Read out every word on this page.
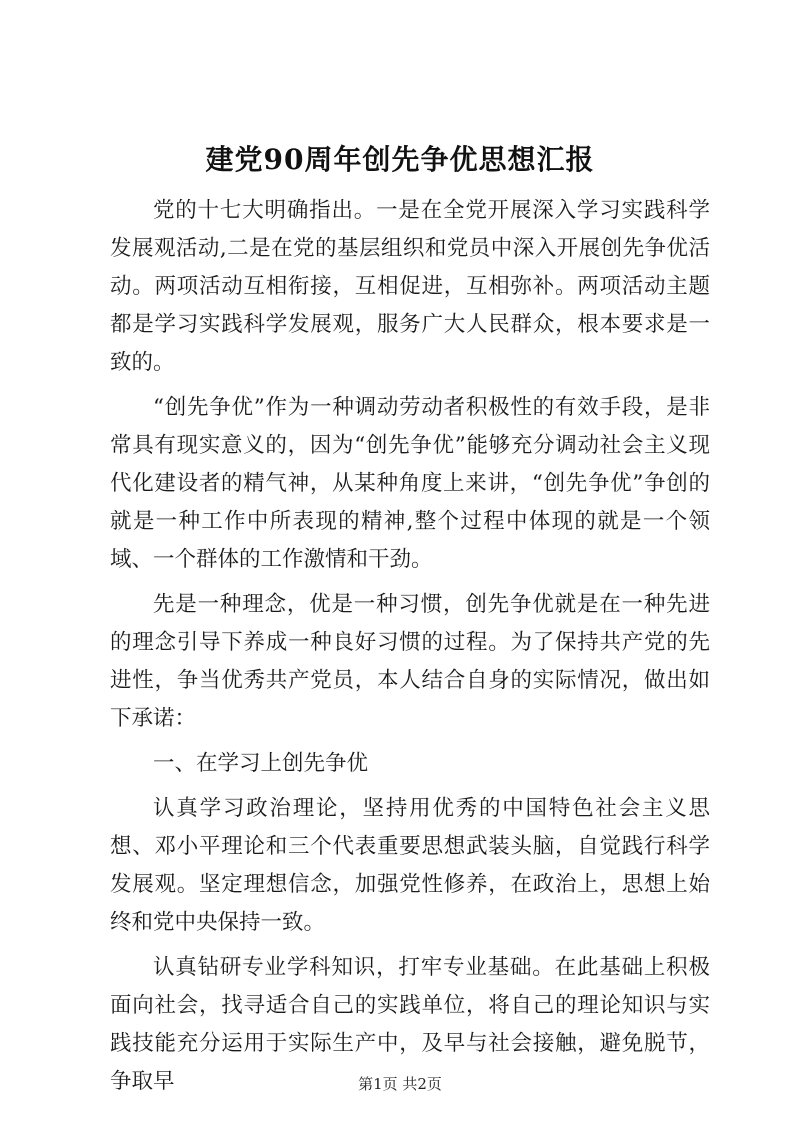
建党90周年创先争优思想汇报

党的十七大明确指出。一是在全党开展深入学习实践科学发展观活动,二是在党的基层组织和党员中深入开展创先争优活动。两项活动互相衔接，互相促进，互相弥补。两项活动主题都是学习实践科学发展观，服务广大人民群众，根本要求是一致的。

“创先争优”作为一种调动劳动者积极性的有效手段，是非常具有现实意义的，因为“创先争优”能够充分调动社会主义现代化建设者的精气神，从某种角度上来讲，“创先争优”争创的就是一种工作中所表现的精神,整个过程中体现的就是一个领域、一个群体的工作激情和干劲。

先是一种理念，优是一种习惯，创先争优就是在一种先进的理念引导下养成一种良好习惯的过程。为了保持共产党的先进性，争当优秀共产党员，本人结合自身的实际情况，做出如下承诺：

一、在学习上创先争优

认真学习政治理论，坚持用优秀的中国特色社会主义思想、邓小平理论和三个代表重要思想武装头脑，自觉践行科学发展观。坚定理想信念，加强党性修养，在政治上，思想上始终和党中央保持一致。

认真钻研专业学科知识，打牢专业基础。在此基础上积极面向社会，找寻适合自己的实践单位，将自己的理论知识与实践技能充分运用于实际生产中，及早与社会接触，避免脱节，争取早	第1页 共2页
